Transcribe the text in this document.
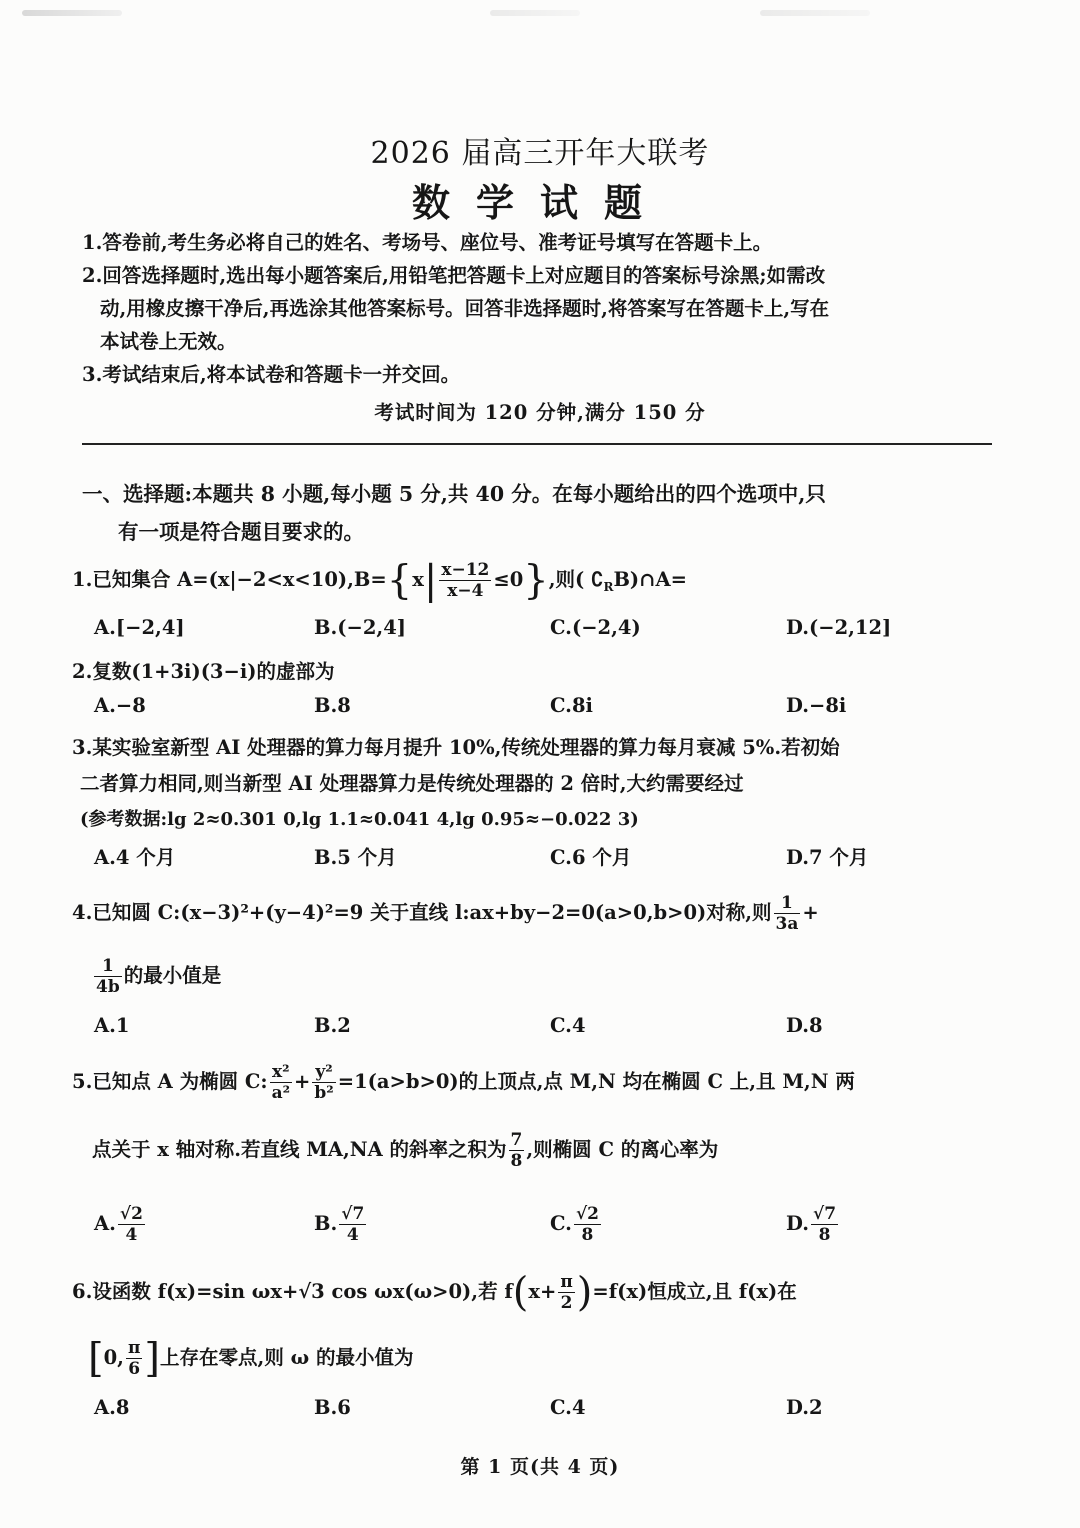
2026 届高三开年大联考
数学试题

1.答卷前,考生务必将自己的姓名、考场号、座位号、准考证号填写在答题卡上。

2.回答选择题时,选出每小题答案后,用铅笔把答题卡上对应题目的答案标号涂黑;如需改

动,用橡皮擦干净后,再选涂其他答案标号。回答非选择题时,将答案写在答题卡上,写在

本试卷上无效。

3.考试结束后,将本试卷和答题卡一并交回。

考试时间为 120 分钟,满分 150 分
一、选择题:本题共 8 小题,每小题 5 分,共 40 分。在每小题给出的四个选项中,只
有一项是符合题目要求的。
1.已知集合 $A=(x|-2<x<10),B=\{x| \frac{x-12}{x-4} \le 0\}$,则( $∁_RB)\cap A=$
A.[−2,4]	B.(−2,4]	C.(−2,4)	D.(−2,12]
2.复数(1+3i)(3−i)的虚部为
A.−8	B.8	C.8i	D.−8i
3.某实验室新型 AI 处理器的算力每月提升 10%,传统处理器的算力每月衰减 5%.若初始
二者算力相同,则当新型 AI 处理器算力是传统处理器的 2 倍时,大约需要经过
(参考数据:lg 2≈0.301 0,lg 1.1≈0.041 4,lg 0.95≈−0.022 3)
A.4 个月	B.5 个月	C.6 个月	D.7 个月
4.已知圆 C:(x−3)²+(y−4)²=9 关于直线 l:ax+by−2=0(a>0,b>0)对称,则 $\frac{1}{3a}$ +
$\frac{1}{4b}$ 的最小值是
A.1	B.2	C.4	D.8
5.已知点 A 为椭圆 C: $\frac{\text{x²}}{\text{a²}} + \frac{\text{y²}}{\text{b²}} =1(a>b>0)$的上顶点,点 M,N 均在椭圆 C 上,且 M,N 两
点关于 x 轴对称.若直线 MA,NA 的斜率之积为 $\frac{7}{8}$ ,则椭圆 C 的离心率为
A. $\frac{√2}{4}$	B. $\frac{√7}{4}$	C. $\frac{√2}{8}$	D. $\frac{√7}{8}$
6.设函数 f(x)=sin ωx+√3 cos ωx(ω>0),若 $f(x+ \frac{\pi}{2} )=f(x)$恒成立,且 f(x)在
[0, $\frac{\pi}{6}$ ]上存在零点,则 ω 的最小值为
A.8	B.6	C.4	D.2
第 1 页(共 4 页)
